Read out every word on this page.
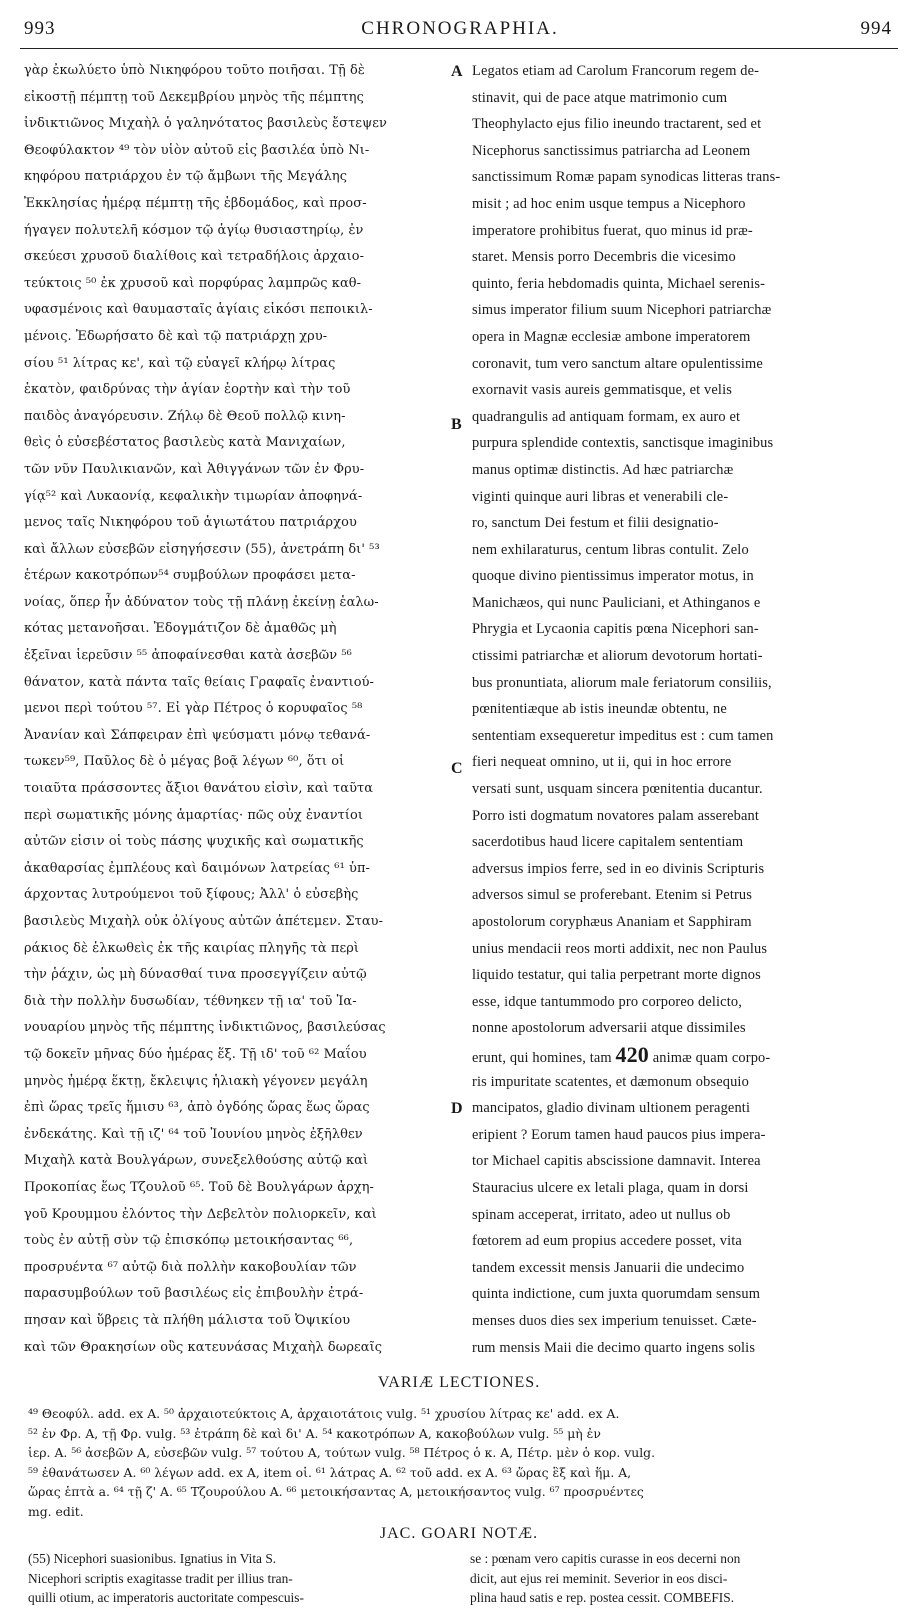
993	CHRONOGRAPHIA.	994
A
B
C
D
γὰρ ἐκωλύετο ὑπὸ Νικηφόρου τοῦτο ποιῆσαι. Τῇ δὲ
εἰκοστῇ πέμπτῃ τοῦ Δεκεμβρίου μηνὸς τῆς πέμπτης
ἰνδικτιῶνος Μιχαὴλ ὁ γαληνότατος βασιλεὺς ἔστεψεν
Θεοφύλακτον ⁴⁹ τὸν υἱὸν αὐτοῦ εἰς βασιλέα ὑπὸ Νι-
κηφόρου πατριάρχου ἐν τῷ ἄμβωνι τῆς Μεγάλης
Ἐκκλησίας ἡμέρᾳ πέμπτῃ τῆς ἑβδομάδος, καὶ προσ-
ήγαγεν πολυτελῆ κόσμον τῷ ἁγίῳ θυσιαστηρίῳ, ἐν
σκεύεσι χρυσοῦ διαλίθοις καὶ τετραδήλοις ἀρχαιο-
τεύκτοις ⁵⁰ ἐκ χρυσοῦ καὶ πορφύρας λαμπρῶς καθ-
υφασμένοις καὶ θαυμασταῖς ἁγίαις εἰκόσι πεποικιλ-
μένοις. Ἐδωρήσατο δὲ καὶ τῷ πατριάρχῃ χρυ-
σίου ⁵¹ λίτρας κε', καὶ τῷ εὐαγεῖ κλήρῳ λίτρας
ἑκατὸν, φαιδρύνας τὴν ἁγίαν ἑορτὴν καὶ τὴν τοῦ
παιδὸς ἀναγόρευσιν. Ζήλῳ δὲ Θεοῦ πολλῷ κινη-
θεὶς ὁ εὐσεβέστατος βασιλεὺς κατὰ Μανιχαίων,
τῶν νῦν Παυλικιανῶν, καὶ Ἀθιγγάνων τῶν ἐν Φρυ-
γίᾳ⁵² καὶ Λυκαονίᾳ, κεφαλικὴν τιμωρίαν ἀποφηνά-
μενος ταῖς Νικηφόρου τοῦ ἁγιωτάτου πατριάρχου
καὶ ἄλλων εὐσεβῶν εἰσηγήσεσιν (55), ἀνετράπη δι' ⁵³
ἑτέρων κακοτρόπων⁵⁴ συμβούλων προφάσει μετα-
νοίας, ὅπερ ἦν ἀδύνατον τοὺς τῇ πλάνῃ ἐκείνῃ ἑαλω-
κότας μετανοῆσαι. Ἐδογμάτιζον δὲ ἀμαθῶς μὴ
ἐξεῖναι ἱερεῦσιν ⁵⁵ ἀποφαίνεσθαι κατὰ ἀσεβῶν ⁵⁶
θάνατον, κατὰ πάντα ταῖς θείαις Γραφαῖς ἐναντιού-
μενοι περὶ τούτου ⁵⁷. Εἰ γὰρ Πέτρος ὁ κορυφαῖος ⁵⁸
Ἀνανίαν καὶ Σάπφειραν ἐπὶ ψεύσματι μόνῳ τεθανά-
τωκεν⁵⁹, Παῦλος δὲ ὁ μέγας βοᾷ λέγων ⁶⁰, ὅτι οἱ
τοιαῦτα πράσσοντες ἄξιοι θανάτου εἰσὶν, καὶ ταῦτα
περὶ σωματικῆς μόνης ἁμαρτίας· πῶς οὐχ ἐναντίοι
αὐτῶν εἰσιν οἱ τοὺς πάσης ψυχικῆς καὶ σωματικῆς
ἀκαθαρσίας ἐμπλέους καὶ δαιμόνων λατρείας ⁶¹ ὑπ-
άρχοντας λυτρούμενοι τοῦ ξίφους; Ἀλλ' ὁ εὐσεβὴς
βασιλεὺς Μιχαὴλ οὐκ ὀλίγους αὐτῶν ἀπέτεμεν. Σταυ-
ράκιος δὲ ἑλκωθεὶς ἐκ τῆς καιρίας πληγῆς τὰ περὶ
τὴν ῥάχιν, ὡς μὴ δύνασθαί τινα προσεγγίζειν αὐτῷ
διὰ τὴν πολλὴν δυσωδίαν, τέθνηκεν τῇ ια' τοῦ Ἰα-
νουαρίου μηνὸς τῆς πέμπτης ἰνδικτιῶνος, βασιλεύσας
τῷ δοκεῖν μῆνας δύο ἡμέρας ἕξ. Τῇ ιδ' τοῦ ⁶² Μαΐου
μηνὸς ἡμέρᾳ ἕκτῃ, ἔκλειψις ἡλιακὴ γέγονεν μεγάλη
ἐπὶ ὥρας τρεῖς ἥμισυ ⁶³, ἀπὸ ὀγδόης ὥρας ἕως ὥρας
ἐνδεκάτης. Καὶ τῇ ιζ' ⁶⁴ τοῦ Ἰουνίου μηνὸς ἐξῆλθεν
Μιχαὴλ κατὰ Βουλγάρων, συνεξελθούσης αὐτῷ καὶ
Προκοπίας ἕως Τζουλοῦ ⁶⁵. Τοῦ δὲ Βουλγάρων ἀρχη-
γοῦ Κρουμμου ἐλόντος τὴν Δεβελτὸν πολιορκεῖν, καὶ
τοὺς ἐν αὐτῇ σὺν τῷ ἐπισκόπῳ μετοικήσαντας ⁶⁶,
προσρυέντα ⁶⁷ αὐτῷ διὰ πολλὴν κακοβουλίαν τῶν
παρασυμβούλων τοῦ βασιλέως εἰς ἐπιβουλὴν ἐτρά-
πησαν καὶ ὕβρεις τὰ πλήθη μάλιστα τοῦ Ὀψικίου
καὶ τῶν Θρακησίων οὓς κατευνάσας Μιχαὴλ δωρεαῖς
Legatos etiam ad Carolum Francorum regem de-
stinavit, qui de pace atque matrimonio cum
Theophylacto ejus filio ineundo tractarent, sed et
Nicephorus sanctissimus patriarcha ad Leonem
sanctissimum Romæ papam synodicas litteras trans-
misit ; ad hoc enim usque tempus a Nicephoro
imperatore prohibitus fuerat, quo minus id præ-
staret. Mensis porro Decembris die vicesimo
quinto, feria hebdomadis quinta, Michael serenis-
simus imperator filium suum Nicephori patriarchæ
opera in Magnæ ecclesiæ ambone imperatorem
coronavit, tum vero sanctum altare opulentissime
exornavit vasis aureis gemmatisque, et velis
quadrangulis ad antiquam formam, ex auro et
purpura splendide contextis, sanctisque imaginibus
manus optimæ distinctis. Ad hæc patriarchæ
viginti quinque auri libras et venerabili cle-
ro, sanctum Dei festum et filii designatio-
nem exhilaraturus, centum libras contulit. Zelo
quoque divino pientissimus imperator motus, in
Manichæos, qui nunc Pauliciani, et Athinganos e
Phrygia et Lycaonia capitis pœna Nicephori san-
ctissimi patriarchæ et aliorum devotorum hortati-
bus pronuntiata, aliorum male feriatorum consiliis,
pœnitentiæque ab istis ineundæ obtentu, ne
sententiam exsequeretur impeditus est : cum tamen
fieri nequeat omnino, ut ii, qui in hoc errore
versati sunt, usquam sincera pœnitentia ducantur.
Porro isti dogmatum novatores palam asserebant
sacerdotibus haud licere capitalem sententiam
adversus impios ferre, sed in eo divinis Scripturis
adversos simul se proferebant. Etenim si Petrus
apostolorum coryphæus Ananiam et Sapphiram
unius mendacii reos morti addixit, nec non Paulus
liquido testatur, qui talia perpetrant morte dignos
esse, idque tantummodo pro corporeo delicto,
nonne apostolorum adversarii atque dissimiles
erunt, qui homines, tam 420 animæ quam corpo-
ris impuritate scatentes, et dæmonum obsequio
mancipatos, gladio divinam ultionem peragenti
eripient ? Eorum tamen haud paucos pius impera-
tor Michael capitis abscissione damnavit. Interea
Stauracius ulcere ex letali plaga, quam in dorsi
spinam acceperat, irritato, adeo ut nullus ob
fœtorem ad eum propius accedere posset, vita
tandem excessit mensis Januarii die undecimo
quinta indictione, cum juxta quorumdam sensum
menses duos dies sex imperium tenuisset. Cæte-
rum mensis Maii die decimo quarto ingens solis
VARIÆ LECTIONES.
⁴⁹ Θεοφύλ. add. ex A. ⁵⁰ ἀρχαιοτεύκτοις A, ἀρχαιοτάτοις vulg. ⁵¹ χρυσίου λίτρας κε' add. ex A.
⁵² ἐν Φρ. A, τῇ Φρ. vulg. ⁵³ ἐτράπη δὲ καὶ δι' A. ⁵⁴ κακοτρόπων A, κακοβούλων vulg. ⁵⁵ μὴ ἐν
ἱερ. A. ⁵⁶ ἀσεβῶν A, εὐσεβῶν vulg. ⁵⁷ τούτου A, τούτων vulg. ⁵⁸ Πέτρος ὁ κ. A, Πέτρ. μὲν ὁ κορ. vulg.
⁵⁹ ἐθανάτωσεν A. ⁶⁰ λέγων add. ex A, item οἱ. ⁶¹ λάτρας A. ⁶² τοῦ add. ex A. ⁶³ ὥρας ἓξ καὶ ἥμ. A,
ὥρας ἑπτὰ a. ⁶⁴ τῇ ζ' A. ⁶⁵ Τζουρούλου A. ⁶⁶ μετοικήσαντας A, μετοικήσαντος vulg. ⁶⁷ προσρυέντες
mg. edit.
JAC. GOARI NOTÆ.
(55) Nicephori suasionibus. Ignatius in Vita S.
Nicephori scriptis exagitasse tradit per illius tran-
quilli otium, ac imperatoris auctoritate compescuis-
se : pœnam vero capitis curasse in eos decerni non
dicit, aut ejus rei meminit. Severior in eos disci-
plina haud satis e rep. postea cessit. COMBEFIS.
